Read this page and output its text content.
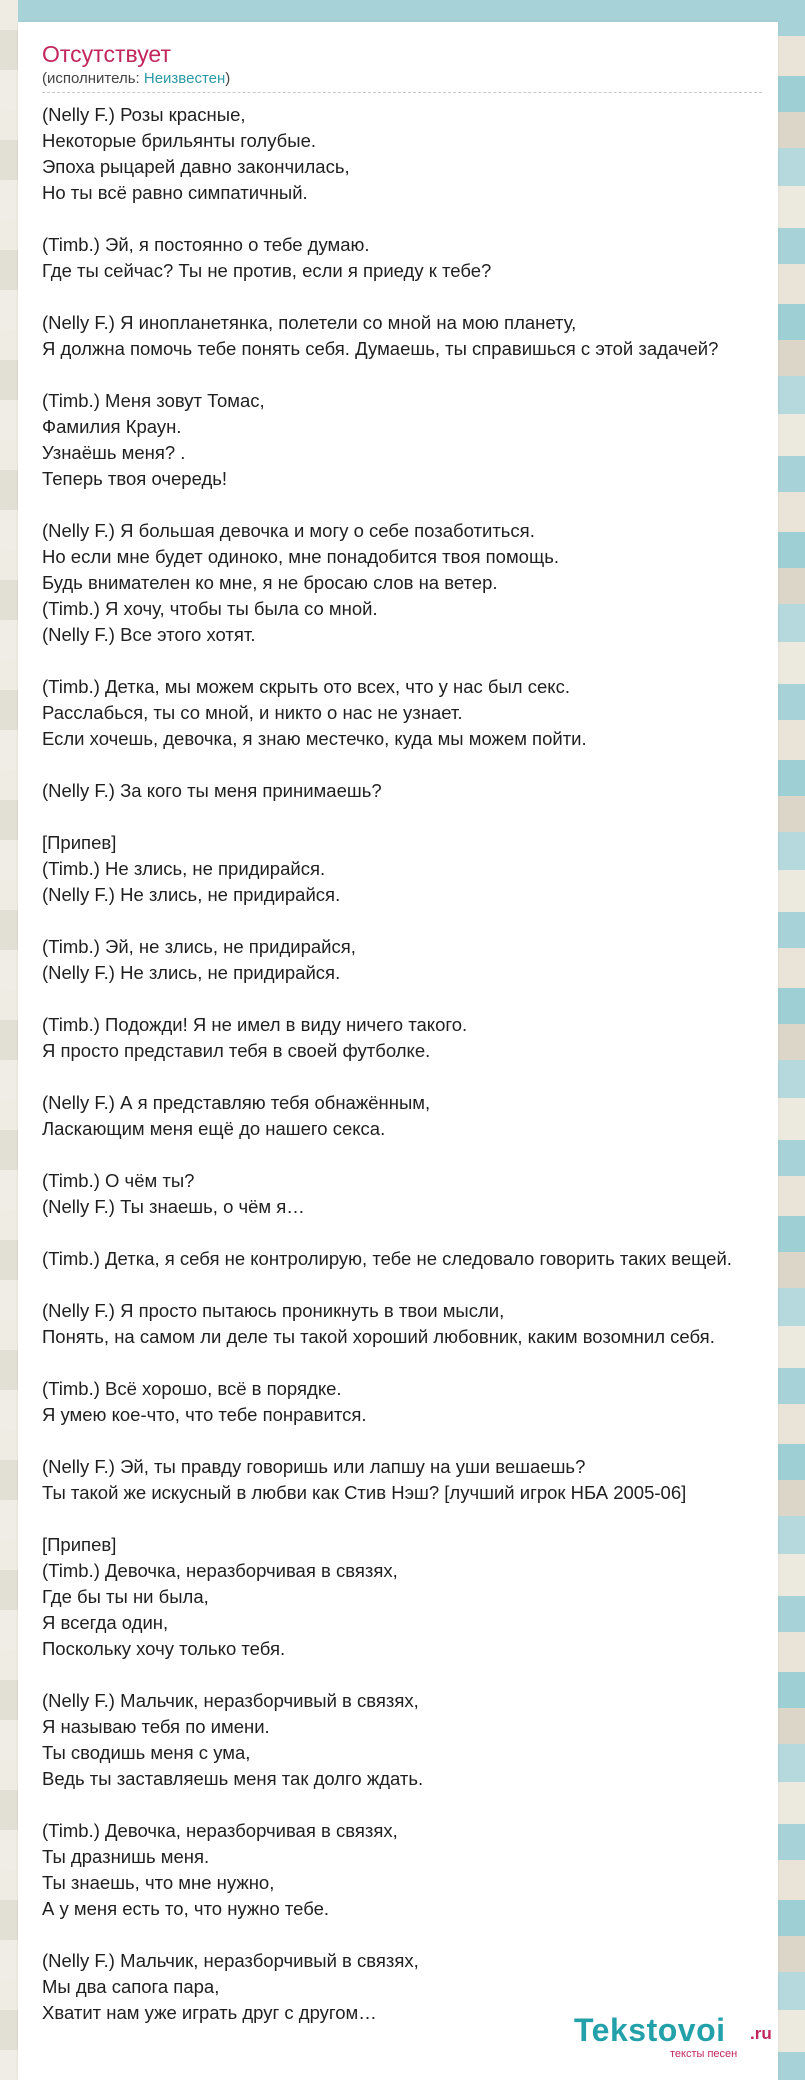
Отсутствует
(исполнитель: Неизвестен)
(Nelly F.) Розы красные,
Некоторые брильянты голубые.
Эпоха рыцарей давно закончилась,
Но ты всё равно симпатичный.
(Timb.) Эй, я постоянно о тебе думаю.
Где ты сейчас? Ты не против, если я приеду к тебе?
(Nelly F.) Я инопланетянка, полетели со мной на мою планету,
Я должна помочь тебе понять себя. Думаешь, ты справишься с этой задачей?
(Timb.) Меня зовут Томас,
Фамилия Краун.
Узнаёшь меня? .
Теперь твоя очередь!
(Nelly F.) Я большая девочка и могу о себе позаботиться.
Но если мне будет одиноко, мне понадобится твоя помощь.
Будь внимателен ко мне, я не бросаю слов на ветер.
(Timb.) Я хочу, чтобы ты была со мной.
(Nelly F.) Все этого хотят.
(Timb.) Детка, мы можем скрыть ото всех, что у нас был секс.
Расслабься, ты со мной, и никто о нас не узнает.
Если хочешь, девочка, я знаю местечко, куда мы можем пойти.
(Nelly F.) За кого ты меня принимаешь?
[Припев]
(Timb.) Не злись, не придирайся.
(Nelly F.) Не злись, не придирайся.
(Timb.) Эй, не злись, не придирайся,
(Nelly F.) Не злись, не придирайся.
(Timb.) Подожди! Я не имел в виду ничего такого.
Я просто представил тебя в своей футболке.
(Nelly F.) А я представляю тебя обнажённым,
Ласкающим меня ещё до нашего секса.
(Timb.) О чём ты?
(Nelly F.) Ты знаешь, о чём я…
(Timb.) Детка, я себя не контролирую, тебе не следовало говорить таких вещей.
(Nelly F.) Я просто пытаюсь проникнуть в твои мысли,
Понять, на самом ли деле ты такой хороший любовник, каким возомнил себя.
(Timb.) Всё хорошо, всё в порядке.
Я умею кое-что, что тебе понравится.
(Nelly F.) Эй, ты правду говоришь или лапшу на уши вешаешь?
Ты такой же искусный в любви как Стив Нэш? [лучший игрок НБА 2005-06]
[Припев]
(Timb.) Девочка, неразборчивая в связях,
Где бы ты ни была,
Я всегда один,
Поскольку хочу только тебя.
(Nelly F.) Мальчик, неразборчивый в связях,
Я называю тебя по имени.
Ты сводишь меня с ума,
Ведь ты заставляешь меня так долго ждать.
(Timb.) Девочка, неразборчивая в связях,
Ты дразнишь меня.
Ты знаешь, что мне нужно,
А у меня есть то, что нужно тебе.
(Nelly F.) Мальчик, неразборчивый в связях,
Мы два сапога пара,
Хватит нам уже играть друг с другом…	Tekstovoi .ru
тексты песен
